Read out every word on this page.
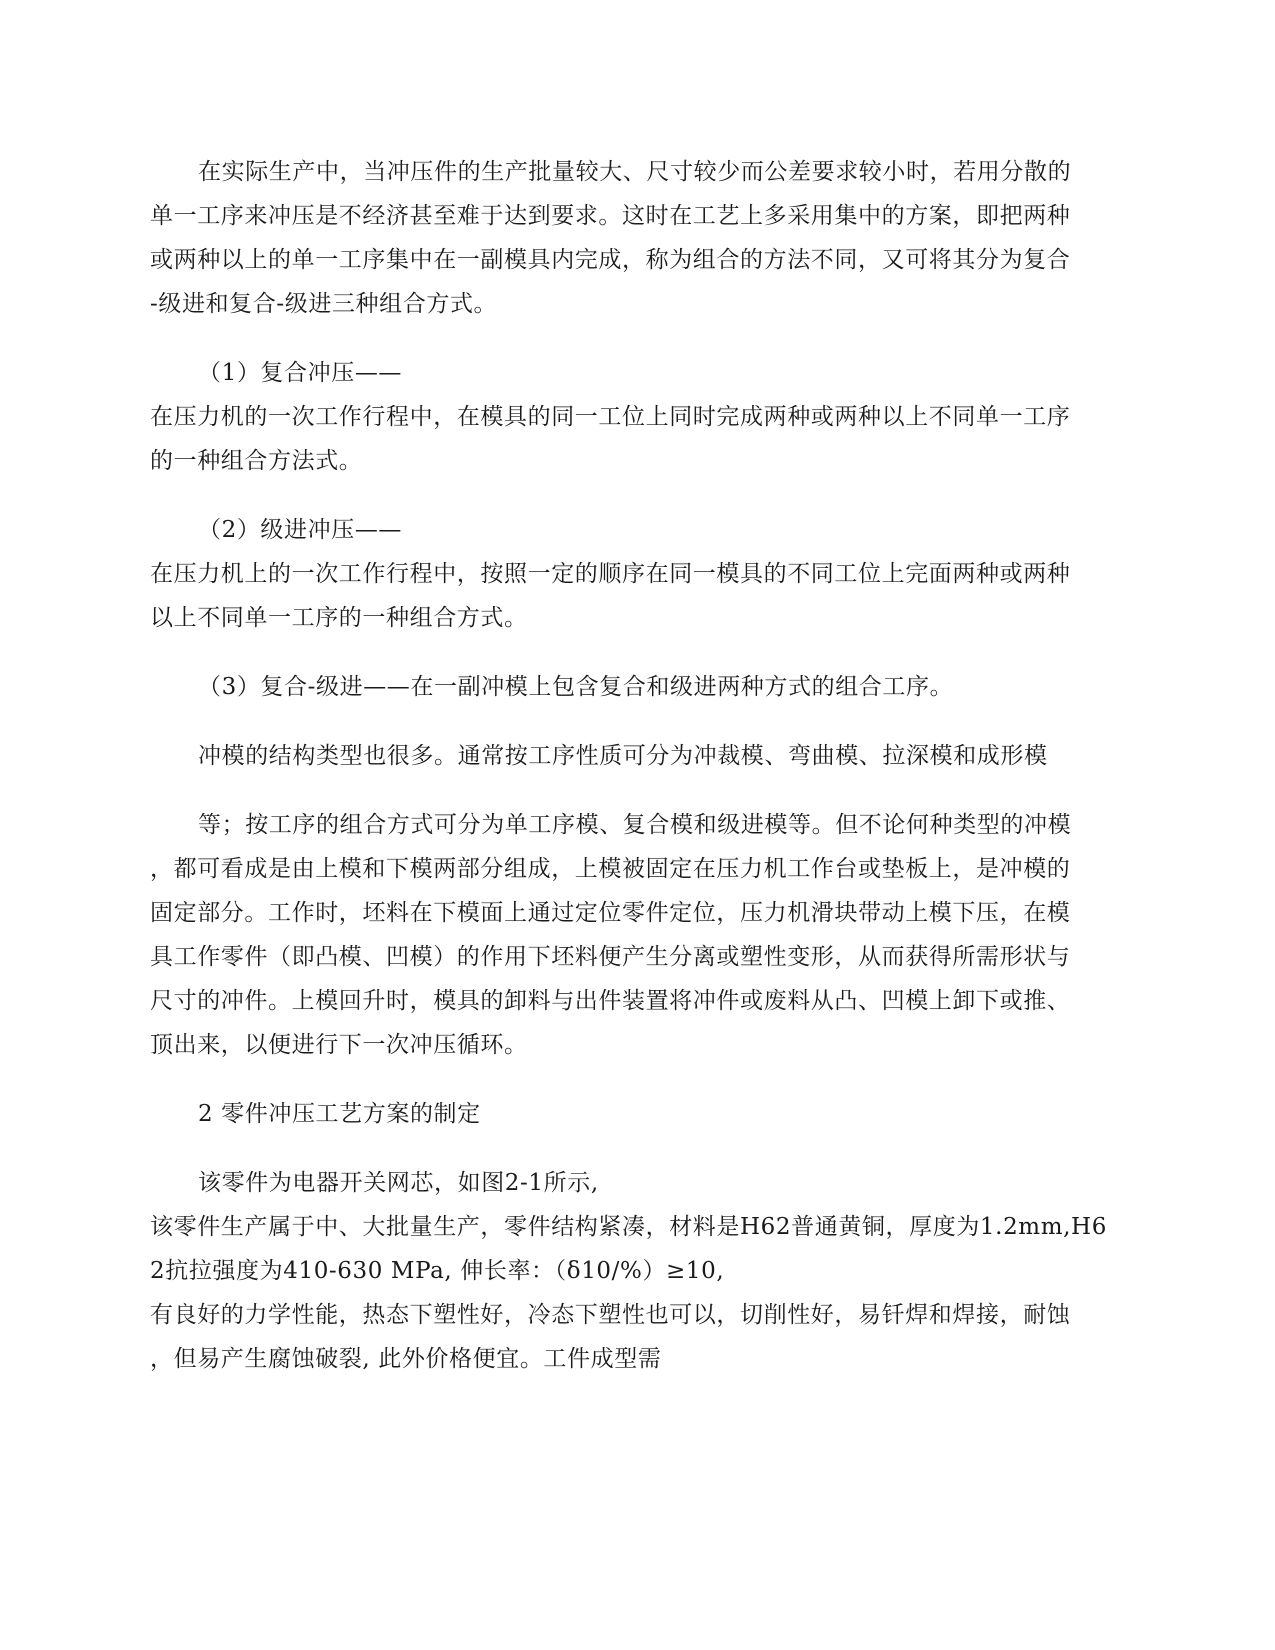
在实际生产中，当冲压件的生产批量较大、尺寸较少而公差要求较小时，若用分散的

单一工序来冲压是不经济甚至难于达到要求。这时在工艺上多采用集中的方案，即把两种

或两种以上的单一工序集中在一副模具内完成，称为组合的方法不同，又可将其分为复合

-级进和复合-级进三种组合方式。

（1）复合冲压——

在压力机的一次工作行程中，在模具的同一工位上同时完成两种或两种以上不同单一工序

的一种组合方法式。

（2）级进冲压——

在压力机上的一次工作行程中，按照一定的顺序在同一模具的不同工位上完面两种或两种

以上不同单一工序的一种组合方式。

（3）复合-级进——在一副冲模上包含复合和级进两种方式的组合工序。

冲模的结构类型也很多。通常按工序性质可分为冲裁模、弯曲模、拉深模和成形模

等；按工序的组合方式可分为单工序模、复合模和级进模等。但不论何种类型的冲模

，都可看成是由上模和下模两部分组成，上模被固定在压力机工作台或垫板上，是冲模的

固定部分。工作时，坯料在下模面上通过定位零件定位，压力机滑块带动上模下压，在模

具工作零件（即凸模、凹模）的作用下坯料便产生分离或塑性变形，从而获得所需形状与

尺寸的冲件。上模回升时，模具的卸料与出件装置将冲件或废料从凸、凹模上卸下或推、

顶出来，以便进行下一次冲压循环。

2 零件冲压工艺方案的制定

该零件为电器开关网芯，如图2-1所示,

该零件生产属于中、大批量生产，零件结构紧凑，材料是H62普通黄铜，厚度为1.2mm,H6

2抗拉强度为410-630 MPa, 伸长率：（δ10/%）≥10,

有良好的力学性能，热态下塑性好，冷态下塑性也可以，切削性好，易钎焊和焊接，耐蚀

，但易产生腐蚀破裂, 此外价格便宜。工件成型需
